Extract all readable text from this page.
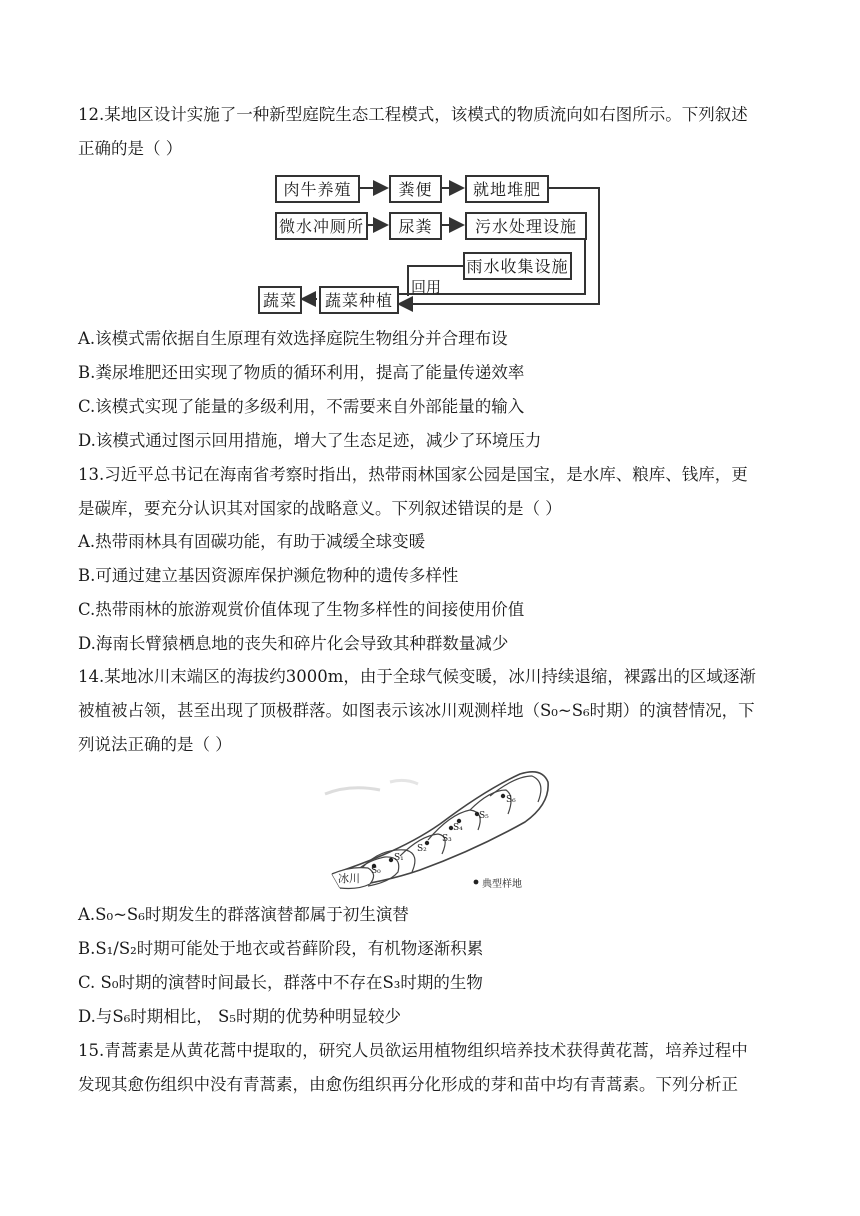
12.某地区设计实施了一种新型庭院生态工程模式，该模式的物质流向如右图所示。下列叙述
正确的是（ ）
肉牛养殖	粪便	就地堆肥
微水冲厕所	尿粪	污水处理设施
雨水收集设施
蔬菜种植
蔬菜
回用
A.该模式需依据自生原理有效选择庭院生物组分并合理布设
B.粪尿堆肥还田实现了物质的循环利用，提高了能量传递效率
C.该模式实现了能量的多级利用，不需要来自外部能量的输入
D.该模式通过图示回用措施，增大了生态足迹，减少了环境压力
13.习近平总书记在海南省考察时指出，热带雨林国家公园是国宝，是水库、粮库、钱库，更
是碳库，要充分认识其对国家的战略意义。下列叙述错误的是（ ）
A.热带雨林具有固碳功能，有助于减缓全球变暖
B.可通过建立基因资源库保护濒危物种的遗传多样性
C.热带雨林的旅游观赏价值体现了生物多样性的间接使用价值
D.海南长臂猿栖息地的丧失和碎片化会导致其种群数量减少
14.某地冰川末端区的海拔约3000m，由于全球气候变暖，冰川持续退缩，裸露出的区域逐渐
被植被占领，甚至出现了顶极群落。如图表示该冰川观测样地（S₀~S₆时期）的演替情况，下
列说法正确的是（ ）
冰川	典型样地
S₀
S₁
S₂
S₃
S₄
S₅
S₆
A.S₀~S₆时期发生的群落演替都属于初生演替
B.S₁/S₂时期可能处于地衣或苔藓阶段，有机物逐渐积累
C. S₀时期的演替时间最长，群落中不存在S₃时期的生物
D.与S₆时期相比， S₅时期的优势种明显较少
15.青蒿素是从黄花蒿中提取的，研究人员欲运用植物组织培养技术获得黄花蒿，培养过程中
发现其愈伤组织中没有青蒿素，由愈伤组织再分化形成的芽和苗中均有青蒿素。下列分析正
